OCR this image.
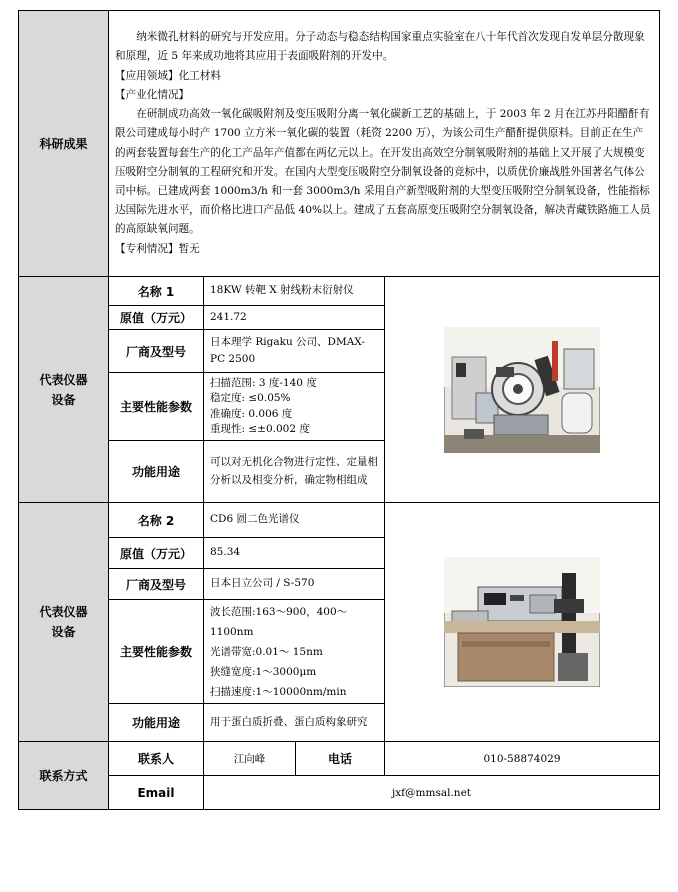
科研成果	纳米微孔材料的研究与开发应用。分子动态与稳态结构国家重点实验室在八十年代首次发现自发单层分散现象和原理，近 5 年来成功地将其应用于表面吸附剂的开发中。

【应用领域】化工材料

【产业化情况】

在研制成功高效一氧化碳吸附剂及变压吸附分离一氧化碳新工艺的基础上，于 2003 年 2 月在江苏丹阳醋酐有限公司建成每小时产 1700 立方米一氧化碳的装置（耗资 2200 万），为该公司生产醋酐提供原料。目前正在生产的两套装置每套生产的化工产品年产值都在两亿元以上。在开发出高效空分制氧吸附剂的基础上又开展了大规模变压吸附空分制氧的工程研究和开发。在国内大型变压吸附空分制氧设备的竞标中，以质优价廉战胜外国著名气体公司中标。已建成两套 1000m3/h 和一套 3000m3/h 采用自产新型吸附剂的大型变压吸附空分制氧设备，性能指标达国际先进水平，而价格比进口产品低 40%以上。建成了五套高原变压吸附空分制氧设备，解决青藏铁路施工人员的高原缺氧问题。

【专利情况】暂无			

代表仪器
设备	名称 1	18KW 转靶 X 射线粉末衍射仪	

	原值（万元）	241.72		
	厂商及型号	日本理学 Rigaku 公司、DMAX-PC 2500		
	主要性能参数	扫描范围: 3 度-140 度
稳定度: ≤0.05%
准确度: 0.006 度
重现性: ≤±0.002 度		

	功能用途	可以对无机化合物进行定性、定量相分析以及相变分析，确定物相组成		
代表仪器
设备	名称 2	CD6 圆二色光谱仪	

	原值（万元）	85.34		
	厂商及型号	日本日立公司 / S-570		
	主要性能参数	波长范围:163～900，400～1100nm
光谱带宽:0.01～ 15nm
狭缝宽度:1～3000μm
扫描速度:1～10000nm/min		

	功能用途	用于蛋白质折叠、蛋白质构象研究		
联系方式	联系人	江向峰	电话	010-58874029
	Email	jxf@mmsal.net		
